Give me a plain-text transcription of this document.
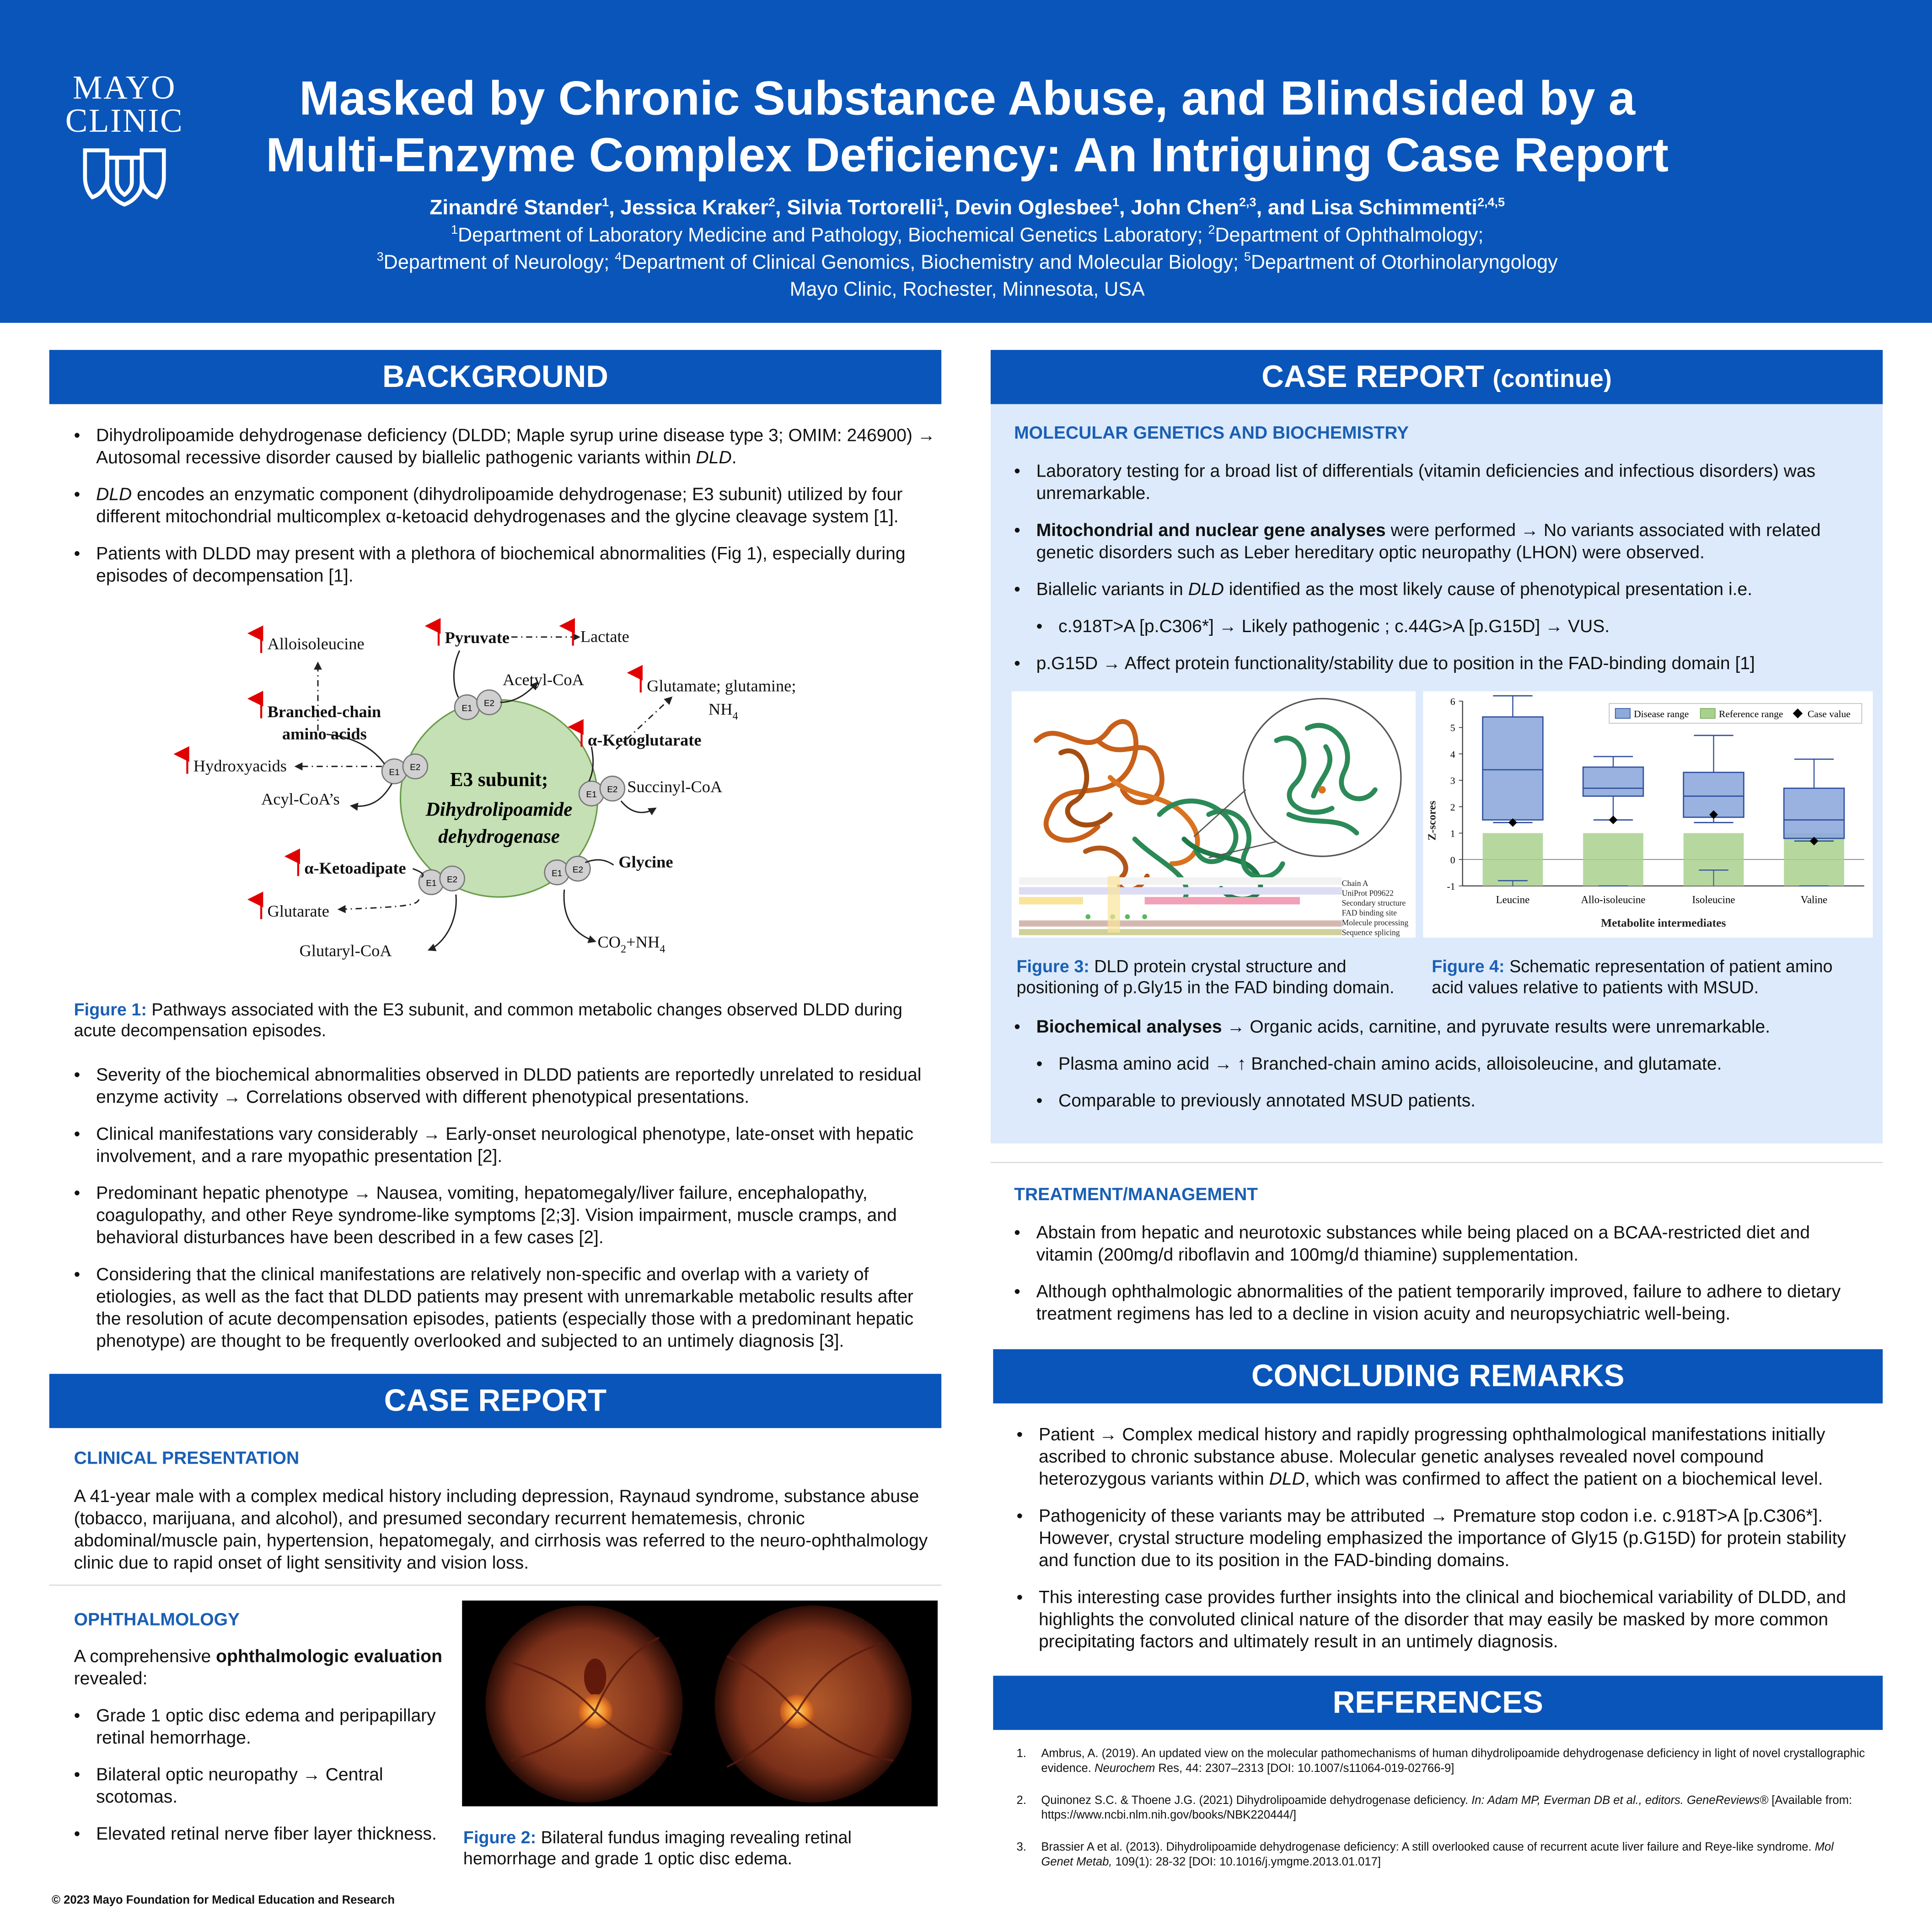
MAYO
CLINIC	Masked by Chronic Substance Abuse, and Blindsided by a
Multi-Enzyme Complex Deficiency: An Intriguing Case Report
Zinandré Stander$^1$, Jessica Kraker$^2$, Silvia Tortorelli$^1$, Devin Oglesbee$^1$, John Chen$^{2,3}$, and Lisa Schimmenti$^{2,4,5}$
$^1$Department of Laboratory Medicine and Pathology, Biochemical Genetics Laboratory; $^2$Department of Ophthalmology;
$^3$Department of Neurology; $^4$Department of Clinical Genomics, Biochemistry and Molecular Biology; $^5$Department of Otorhinolaryngology
Mayo Clinic, Rochester, Minnesota, USA
BACKGROUND
• Dihydrolipoamide dehydrogenase deficiency (DLDD; Maple syrup urine disease type 3; OMIM: 246900) → Autosomal recessive disorder caused by biallelic pathogenic variants within DLD.
• DLD encodes an enzymatic component (dihydrolipoamide dehydrogenase; E3 subunit) utilized by four different mitochondrial multicomplex α-ketoacid dehydrogenases and the glycine cleavage system [1].
• Patients with DLDD may present with a plethora of biochemical abnormalities (Fig 1), especially during episodes of decompensation [1].
E3 subunit;
Dihydrolipoamide
dehydrogenase
E1
E2
E1
E2
E1
E2
E1	E2
E1	E2
Alloisoleucine	Pyruvate	Lactate
Acetyl-CoA	Glutamate; glutamine;
$NH_4$
Branched-chain
amino acids	α-Ketoglutarate
Hydroxyacids
Succinyl-CoA
Acyl-CoA’s
Glycine
α-Ketoadipate
Glutarate
$CO_2+NH_4$
Glutaryl-CoA
Figure 1: Pathways associated with the E3 subunit, and common metabolic changes observed DLDD during acute decompensation episodes.
• Severity of the biochemical abnormalities observed in DLDD patients are reportedly unrelated to residual enzyme activity → Correlations observed with different phenotypical presentations.
• Clinical manifestations vary considerably → Early-onset neurological phenotype, late-onset with hepatic involvement, and a rare myopathic presentation [2].
• Predominant hepatic phenotype → Nausea, vomiting, hepatomegaly/liver failure, encephalopathy, coagulopathy, and other Reye syndrome-like symptoms [2;3]. Vision impairment, muscle cramps, and behavioral disturbances have been described in a few cases [2].
• Considering that the clinical manifestations are relatively non-specific and overlap with a variety of etiologies, as well as the fact that DLDD patients may present with unremarkable metabolic results after the resolution of acute decompensation episodes, patients (especially those with a predominant hepatic phenotype) are thought to be frequently overlooked and subjected to an untimely diagnosis [3].
CASE REPORT
CLINICAL PRESENTATION
A 41-year male with a complex medical history including depression, Raynaud syndrome, substance abuse (tobacco, marijuana, and alcohol), and presumed secondary recurrent hematemesis, chronic abdominal/muscle pain, hypertension, hepatomegaly, and cirrhosis was referred to the neuro-ophthalmology clinic due to rapid onset of light sensitivity and vision loss.
OPHTHALMOLOGY
A comprehensive ophthalmologic evaluation revealed:
• Grade 1 optic disc edema and peripapillary retinal hemorrhage.
• Bilateral optic neuropathy → Central scotomas.
• Elevated retinal nerve fiber layer thickness.	Figure 2: Bilateral fundus imaging revealing retinal hemorrhage and grade 1 optic disc edema.
CASE REPORT (continue)
MOLECULAR GENETICS AND BIOCHEMISTRY
• Laboratory testing for a broad list of differentials (vitamin deficiencies and infectious disorders) was unremarkable.
• Mitochondrial and nuclear gene analyses were performed → No variants associated with related genetic disorders such as Leber hereditary optic neuropathy (LHON) were observed.
• Biallelic variants in DLD identified as the most likely cause of phenotypical presentation i.e.
• c.918T>A [p.C306*] → Likely pathogenic ; c.44G>A [p.G15D] → VUS.
• p.G15D → Affect protein functionality/stability due to position in the FAD-binding domain [1]
Chain A
UniProt P09622
Secondary structure
FAD binding site
Molecule processing
Sequence splicing
-1
0
1
2
3
4
5
6
Leucine	Allo-isoleucine	Isoleucine	Valine
Z-scores
Metabolite intermediates
Disease range	Reference range	Case value
Figure 3: DLD protein crystal structure and positioning of p.Gly15 in the FAD binding domain.
Figure 4: Schematic representation of patient amino acid values relative to patients with MSUD.
• Biochemical analyses → Organic acids, carnitine, and pyruvate results were unremarkable.
• Plasma amino acid → ↑ Branched-chain amino acids, alloisoleucine, and glutamate.
• Comparable to previously annotated MSUD patients.
TREATMENT/MANAGEMENT
• Abstain from hepatic and neurotoxic substances while being placed on a BCAA-restricted diet and vitamin (200mg/d riboflavin and 100mg/d thiamine) supplementation.
• Although ophthalmologic abnormalities of the patient temporarily improved, failure to adhere to dietary treatment regimens has led to a decline in vision acuity and neuropsychiatric well-being.
CONCLUDING REMARKS
• Patient → Complex medical history and rapidly progressing ophthalmological manifestations initially ascribed to chronic substance abuse. Molecular genetic analyses revealed novel compound heterozygous variants within DLD, which was confirmed to affect the patient on a biochemical level.
• Pathogenicity of these variants may be attributed → Premature stop codon i.e. c.918T>A [p.C306*]. However, crystal structure modeling emphasized the importance of Gly15 (p.G15D) for protein stability and function due to its position in the FAD-binding domains.
• This interesting case provides further insights into the clinical and biochemical variability of DLDD, and highlights the convoluted clinical nature of the disorder that may easily be masked by more common precipitating factors and ultimately result in an untimely diagnosis.
REFERENCES
1.	Ambrus, A. (2019). An updated view on the molecular pathomechanisms of human dihydrolipoamide dehydrogenase deficiency in light of novel crystallographic evidence. Neurochem Res, 44: 2307–2313 [DOI: 10.1007/s11064-019-02766-9]
2.	Quinonez S.C. & Thoene J.G. (2021) Dihydrolipoamide dehydrogenase deficiency. In: Adam MP, Everman DB et al., editors. GeneReviews® [Available from: https://www.ncbi.nlm.nih.gov/books/NBK220444/]
3.	Brassier A et al. (2013). Dihydrolipoamide dehydrogenase deficiency: A still overlooked cause of recurrent acute liver failure and Reye-like syndrome. Mol Genet Metab, 109(1): 28-32 [DOI: 10.1016/j.ymgme.2013.01.017]
© 2023 Mayo Foundation for Medical Education and Research
